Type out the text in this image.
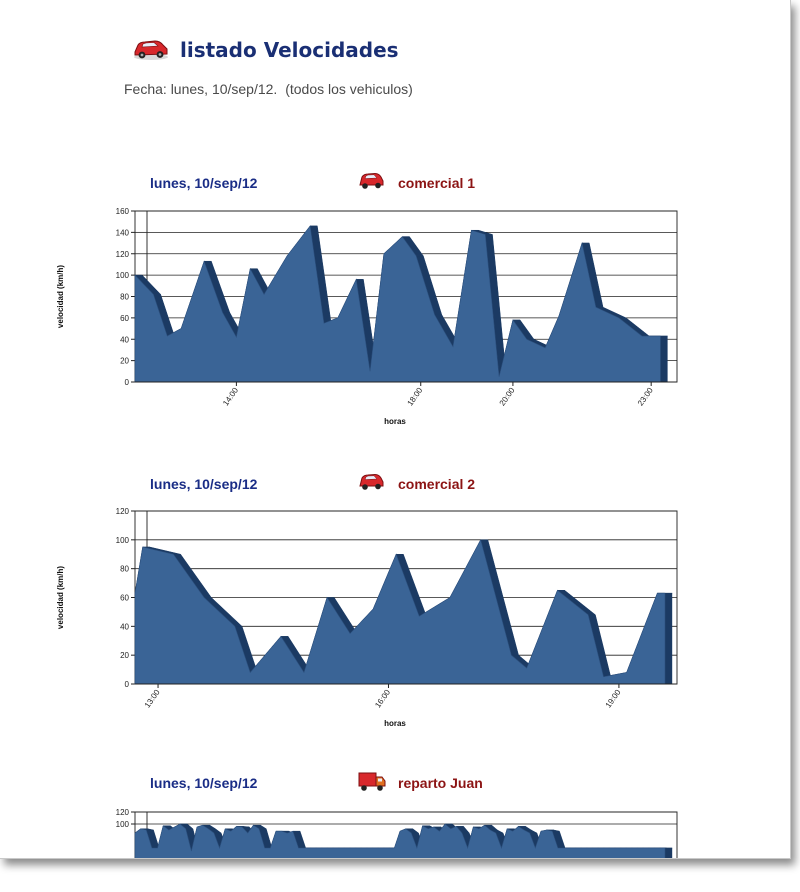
listado Velocidades
Fecha: lunes, 10/sep/12. (todos los vehiculos)
lunes, 10/sep/12	comercial 1
0
20
40
60
80
100
120
140
160
14:00	18:00	20:00	23:00
horas
velocidad (km/h)
lunes, 10/sep/12	comercial 2
0
20
40
60
80
100
120
13:00	16:00	19:00
horas
velocidad (km/h)
lunes, 10/sep/12	reparto Juan
100
120
